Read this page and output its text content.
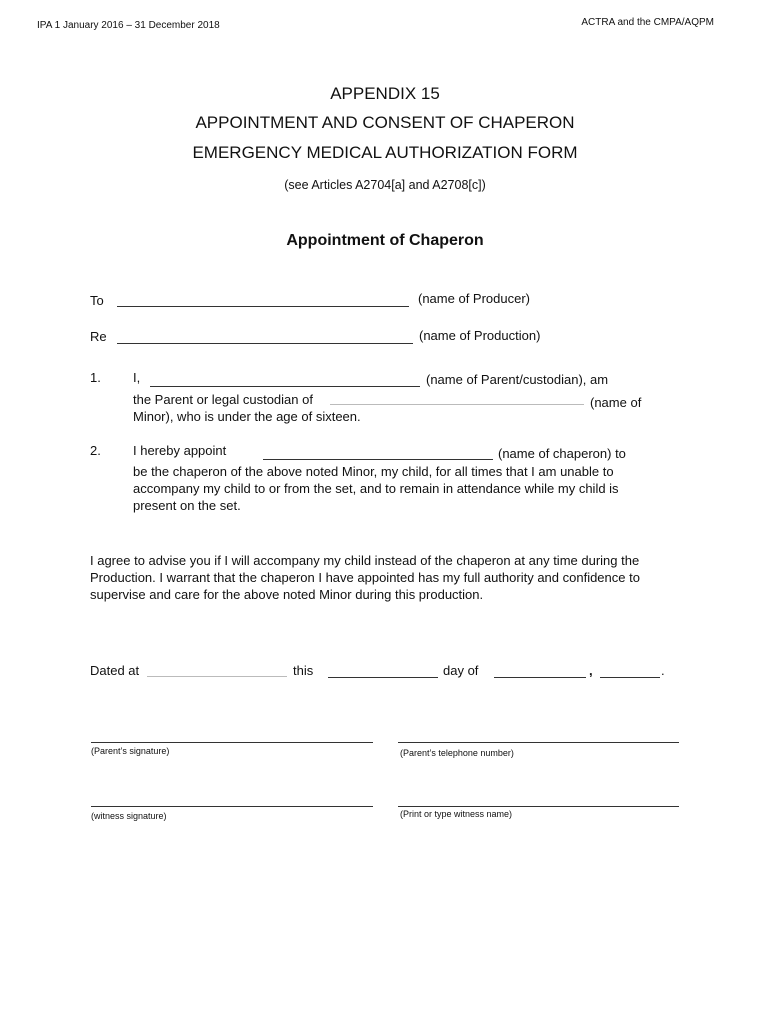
IPA 1 January 2016 – 31 December 2018	ACTRA and the CMPA/AQPM
APPENDIX 15
APPOINTMENT AND CONSENT OF CHAPERON
EMERGENCY MEDICAL AUTHORIZATION FORM
(see Articles A2704[a] and A2708[c])
Appointment of Chaperon
To	(name of Producer)
Re	(name of Production)
1. I,	(name of Parent/custodian), am
the Parent or legal custodian of	(name of
Minor), who is under the age of sixteen.
2. I hereby appoint	(name of chaperon) to
be the chaperon of the above noted Minor, my child, for all times that I am unable to accompany my child to or from the set, and to remain in attendance while my child is present on the set.
I agree to advise you if I will accompany my child instead of the chaperon at any time during the Production. I warrant that the chaperon I have appointed has my full authority and confidence to supervise and care for the above noted Minor during this production.
Dated at	this	day of	,	.
(Parent’s signature)	(Parent’s telephone number)
(witness signature)	(Print or type witness name)
